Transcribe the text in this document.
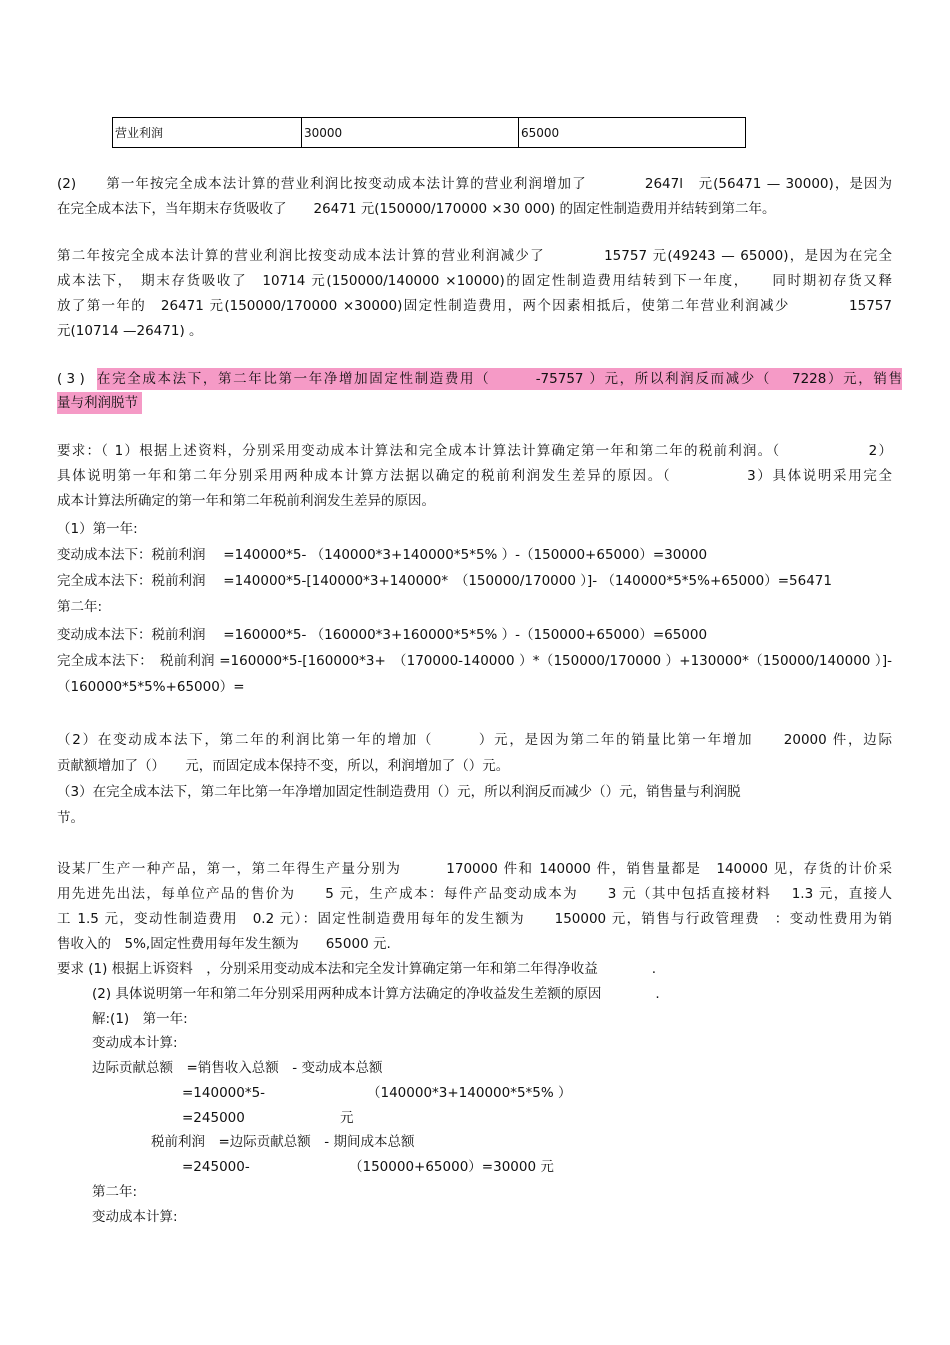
营业利润	30000	65000
(2)　　第一年按完全成本法计算的营业利润比按变动成本法计算的营业利润增加了　　　　2647l　元(56471 — 30000)，是因为
在完全成本法下，当年期末存货吸收了　　26471 元(150000/170000 ×30 000) 的固定性制造费用并结转到第二年。
第二年按完全成本法计算的营业利润比按变动成本法计算的营业利润减少了　　　　15757 元(49243 — 65000)，是因为在完全
成本法下，　期末存货吸收了　10714 元(150000/140000 ×10000)的固定性制造费用结转到下一年度，　　同时期初存货又释
放了第一年的　26471 元(150000/170000 ×30000)固定性制造费用，两个因素相抵后，使第二年营业利润减少　　　　15757
元(10714 —26471) 。
( 3 ) 在完全成本法下，第二年比第一年净增加固定性制造费用（　　　-75757 ）元，所以利润反而减少（　 7228）元，销售
量与利润脱节
要求：（ 1）根据上述资料，分别采用变动成本计算法和完全成本计算法计算确定第一年和第二年的税前利润。（　　　　　　2）
具体说明第一年和第二年分别采用两种成本计算方法据以确定的税前利润发生差异的原因。（　　　　　3）具体说明采用完全
成本计算法所确定的第一年和第二年税前利润发生差异的原因。
（1）第一年:
变动成本法下：税前利润　 =140000*5- （140000*3+140000*5*5% ）-（150000+65000）=30000
完全成本法下：税前利润　 =140000*5-[140000*3+140000*　（150000/170000 ）]- （140000*5*5%+65000）=56471
第二年:
变动成本法下：税前利润　 =160000*5- （160000*3+160000*5*5% ）-（150000+65000）=65000
完全成本法下：　税前利润 =160000*5-[160000*3+　（170000-140000 ）*（150000/170000 ）+130000*（150000/140000 ）]-
（160000*5*5%+65000）=
（2）在变动成本法下，第二年的利润比第一年的增加（　　　）元，是因为第二年的销量比第一年增加　　20000 件，边际
贡献额增加了（）　　元，而固定成本保持不变，所以，利润增加了（）元。
（3）在完全成本法下，第二年比第一年净增加固定性制造费用（）元，所以利润反而减少（）元，销售量与利润脱
节。
设某厂生产一种产品，第一，第二年得生产量分别为　　　170000 件和 140000 件，销售量都是　140000 见，存货的计价采
用先进先出法，每单位产品的售价为　　5 元，生产成本：每件产品变动成本为　　3 元（其中包括直接材料　 1.3 元，直接人
工 1.5 元，变动性制造费用　0.2 元）：固定性制造费用每年的发生额为　　150000 元，销售与行政管理费　：变动性费用为销
售收入的　5%,固定性费用每年发生额为　　65000 元.
要求 (1) 根据上诉资料　，分别采用变动成本法和完全发计算确定第一年和第二年得净收益　　　　.
(2) 具体说明第一年和第二年分别采用两种成本计算方法确定的净收益发生差额的原因　　　　.
解:(1)　第一年:
变动成本计算:
边际贡献总额　=销售收入总额　- 变动成本总额
=140000*5-	（140000*3+140000*5*5% ）
=245000	元
税前利润　=边际贡献总额　- 期间成本总额
=245000-	（150000+65000）=30000 元
第二年:
变动成本计算:
